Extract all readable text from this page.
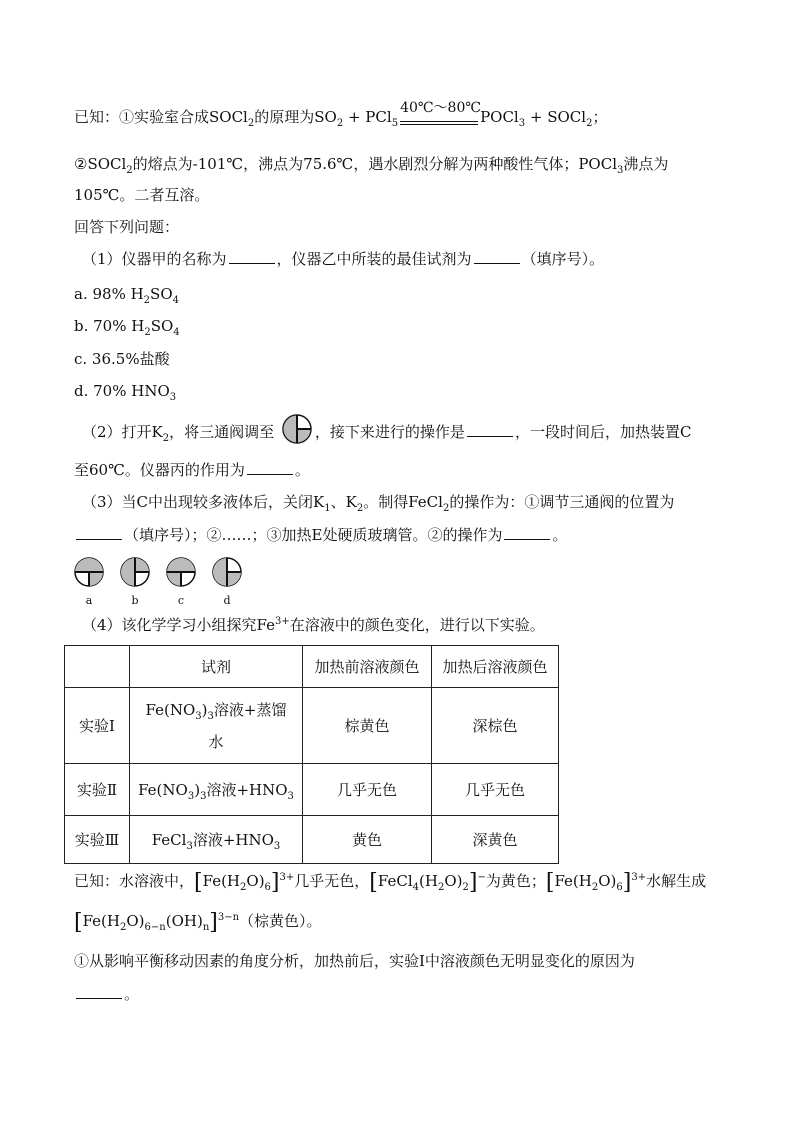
已知：①实验室合成SOCl$_2$的原理为$SO_2 + PCl_5$
40℃～80℃ POCl$_3$ + SOCl$_2$；
②SOCl$_2$的熔点为-101℃，沸点为75.6℃，遇水剧烈分解为两种酸性气体；POCl$_3$沸点为
105℃。二者互溶。
回答下列问题：
（1）仪器甲的名称为	，仪器乙中所装的最佳试剂为	（填序号）。
a. 98% $H_2SO_4$
b. 70% $H_2SO_4$
c. 36.5%盐酸
d. 70% $HNO_3$
（2）打开$K_2$，将三通阀调至	，接下来进行的操作是	，一段时间后，加热装置C
至60℃。仪器丙的作用为	。
（3）当C中出现较多液体后，关闭$K_1$、$K_2$。制得FeCl$_2$的操作为：①调节三通阀的位置为
（填序号）；②……；③加热E处硬质玻璃管。②的操作为	。
a	b	c	d
（4）该化学学习小组探究$Fe^{3+}$在溶液中的颜色变化，进行以下实验。
	试剂	加热前溶液颜色	加热后溶液颜色
实验Ⅰ	$Fe(NO_3)_3$溶液+蒸馏
水	棕黄色	深棕色
实验Ⅱ	$Fe(NO_3)_3$溶液$+HNO_3$	几乎无色	几乎无色
实验Ⅲ	FeCl$_3$溶液$+HNO_3$	黄色	深黄色
已知：水溶液中，$[Fe(H_2O)_6]^{3+}$几乎无色，$[FeCl_4(H_2O)_2]^-$为黄色；$[Fe(H_2O)_6]^{3+}$水解生成
$[Fe(H_2O)_{6-n}(OH)_n]^{3-n}$（棕黄色）。
①从影响平衡移动因素的角度分析，加热前后，实验Ⅰ中溶液颜色无明显变化的原因为
。
